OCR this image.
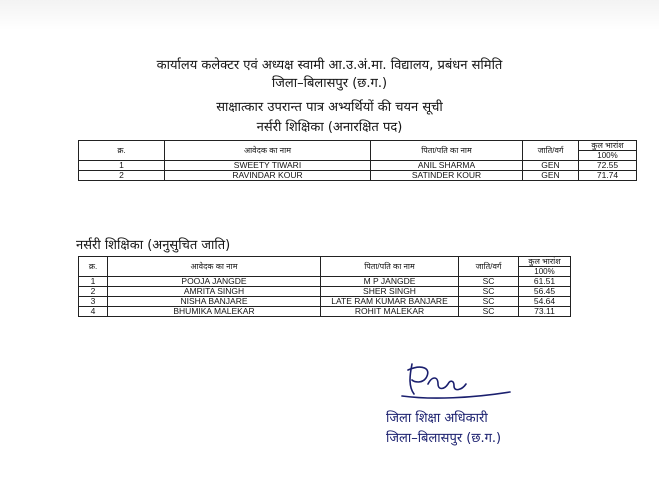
कार्यालय कलेक्टर एवं अध्यक्ष स्वामी आ.उ.अं.मा. विद्यालय, प्रबंधन समिति
जिला–बिलासपुर (छ.ग.)
साक्षात्कार उपरान्त पात्र अभ्यर्थियों की चयन सूची
नर्सरी शिक्षिका (अनारक्षित पद)
क्र.	आवेदक का नाम	पिता/पति का नाम	जाति/वर्ग	कुल भारांश
				100%
1	SWEETY TIWARI	ANIL SHARMA	GEN	72.55
2	RAVINDAR KOUR	SATINDER KOUR	GEN	71.74
नर्सरी शिक्षिका (अनुसुचित जाति)
क्र.	आवेदक का नाम	पिता/पति का नाम	जाति/वर्ग	कुल भारांश
				100%
1	POOJA JANGDE	M P JANGDE	SC	61.51
2	AMRITA SINGH	SHER SINGH	SC	56.45
3	NISHA BANJARE	LATE RAM KUMAR BANJARE	SC	54.64
4	BHUMIKA MALEKAR	ROHIT MALEKAR	SC	73.11
जिला शिक्षा अधिकारी
जिला–बिलासपुर (छ.ग.)
